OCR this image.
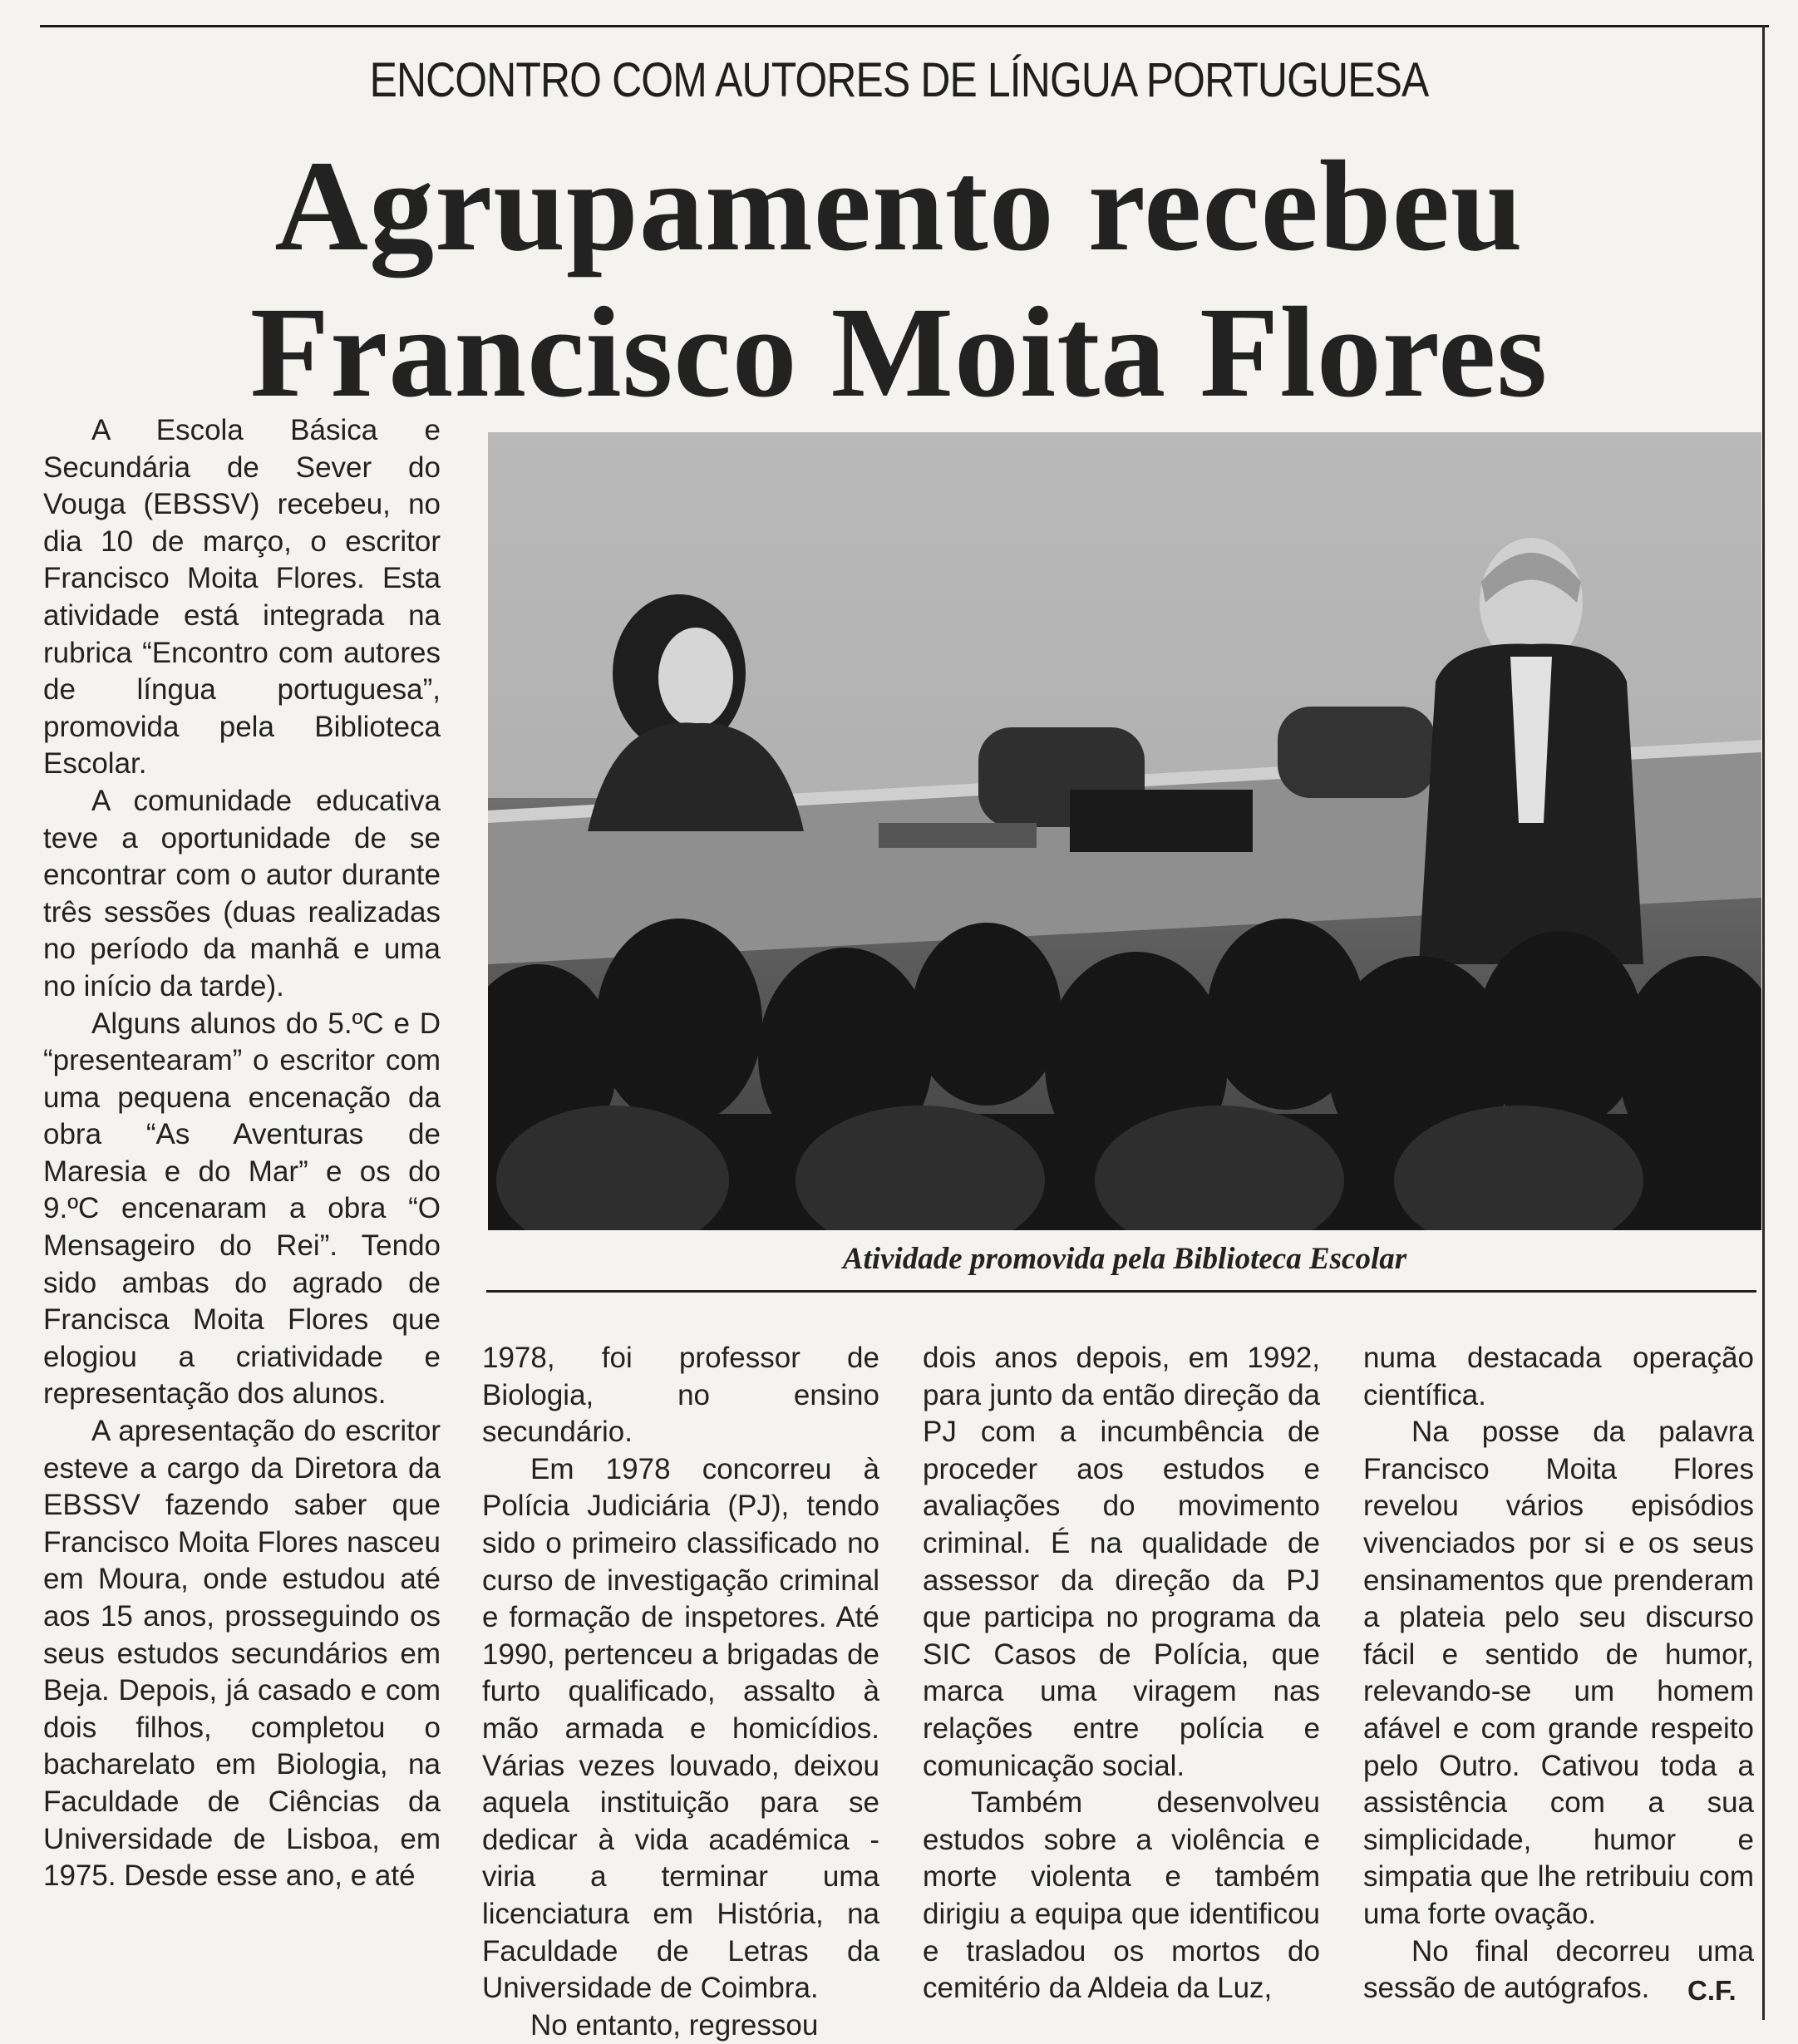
ENCONTRO COM AUTORES DE LÍNGUA PORTUGUESA
Agrupamento recebeu
Francisco Moita Flores

A Escola Básica e Secundária de Sever do Vouga (EBSSV) recebeu, no dia 10 de março, o escritor Francisco Moita Flores. Esta atividade está integrada na rubrica “Encontro com autores de língua portuguesa”, promovida pela Biblioteca Escolar.

A comunidade educativa teve a oportunidade de se encontrar com o autor durante três sessões (duas realizadas no período da manhã e uma no início da tarde).

Alguns alunos do 5.ºC e D “presentearam” o escritor com uma pequena encenação da obra “As Aventuras de Maresia e do Mar” e os do 9.ºC encenaram a obra “O Mensageiro do Rei”. Tendo sido ambas do agrado de Francisca Moita Flores que elogiou a criatividade e representação dos alunos.

A apresentação do escritor esteve a cargo da Diretora da EBSSV fazendo saber que Francisco Moita Flores nasceu em Moura, onde estudou até aos 15 anos, prosseguindo os seus estudos secundários em Beja. Depois, já casado e com dois filhos, completou o bacharelato em Biologia, na Faculdade de Ciências da Universidade de Lisboa, em 1975. Desde esse ano, e até

Atividade promovida pela Biblioteca Escolar

1978, foi professor de Biologia, no ensino secundário.

Em 1978 concorreu à Polícia Judiciária (PJ), tendo sido o primeiro classificado no curso de investigação criminal e formação de inspetores. Até 1990, pertenceu a brigadas de furto qualificado, assalto à mão armada e homicídios. Várias vezes louvado, deixou aquela instituição para se dedicar à vida académica - viria a terminar uma licenciatura em História, na Faculdade de Letras da Universidade de Coimbra.

No entanto, regressou

dois anos depois, em 1992, para junto da então direção da PJ com a incumbência de proceder aos estudos e avaliações do movimento criminal. É na qualidade de assessor da direção da PJ que participa no programa da SIC Casos de Polícia, que marca uma viragem nas relações entre polícia e comunicação social.

Também desenvolveu estudos sobre a violência e morte violenta e também dirigiu a equipa que identificou e trasladou os mortos do cemitério da Aldeia da Luz,

numa destacada operação científica.

Na posse da palavra Francisco Moita Flores revelou vários episódios vivenciados por si e os seus ensinamentos que prenderam a plateia pelo seu discurso fácil e sentido de humor, relevando-se um homem afável e com grande respeito pelo Outro. Cativou toda a assistência com a sua simplicidade, humor e simpatia que lhe retribuiu com uma forte ovação.

No final decorreu uma sessão de autógrafos.	C.F.
